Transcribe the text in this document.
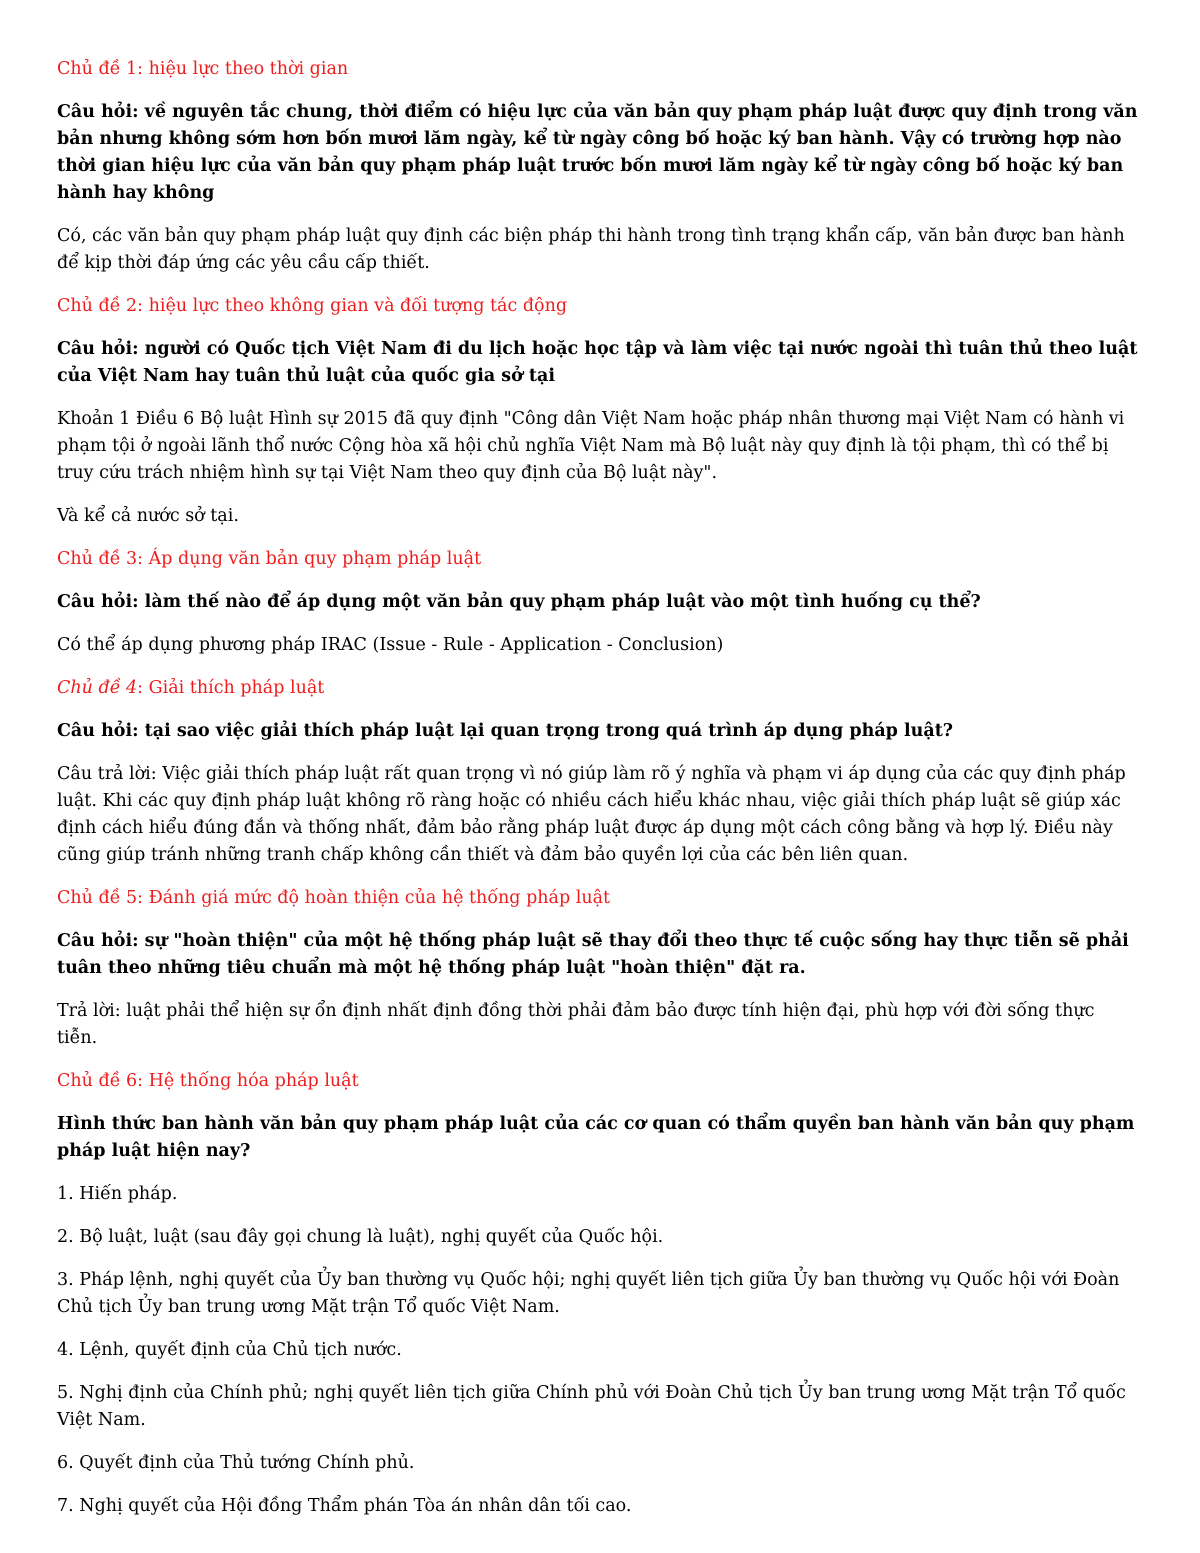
Chủ đề 1: hiệu lực theo thời gian

Câu hỏi: về nguyên tắc chung, thời điểm có hiệu lực của văn bản quy phạm pháp luật được quy định trong văn bản nhưng không sớm hơn bốn mươi lăm ngày, kể từ ngày công bố hoặc ký ban hành. Vậy có trường hợp nào thời gian hiệu lực của văn bản quy phạm pháp luật trước bốn mươi lăm ngày kể từ ngày công bố hoặc ký ban hành hay không

Có, các văn bản quy phạm pháp luật quy định các biện pháp thi hành trong tình trạng khẩn cấp, văn bản được ban hành để kịp thời đáp ứng các yêu cầu cấp thiết.

Chủ đề 2: hiệu lực theo không gian và đối tượng tác động

Câu hỏi: người có Quốc tịch Việt Nam đi du lịch hoặc học tập và làm việc tại nước ngoài thì tuân thủ theo luật của Việt Nam hay tuân thủ luật của quốc gia sở tại

Khoản 1 Điều 6 Bộ luật Hình sự 2015 đã quy định "Công dân Việt Nam hoặc pháp nhân thương mại Việt Nam có hành vi phạm tội ở ngoài lãnh thổ nước Cộng hòa xã hội chủ nghĩa Việt Nam mà Bộ luật này quy định là tội phạm, thì có thể bị truy cứu trách nhiệm hình sự tại Việt Nam theo quy định của Bộ luật này".

Và kể cả nước sở tại.

Chủ đề 3: Áp dụng văn bản quy phạm pháp luật

Câu hỏi: làm thế nào để áp dụng một văn bản quy phạm pháp luật vào một tình huống cụ thể?

Có thể áp dụng phương pháp IRAC (Issue - Rule - Application - Conclusion)

Chủ đề 4: Giải thích pháp luật

Câu hỏi: tại sao việc giải thích pháp luật lại quan trọng trong quá trình áp dụng pháp luật?

Câu trả lời: Việc giải thích pháp luật rất quan trọng vì nó giúp làm rõ ý nghĩa và phạm vi áp dụng của các quy định pháp luật. Khi các quy định pháp luật không rõ ràng hoặc có nhiều cách hiểu khác nhau, việc giải thích pháp luật sẽ giúp xác định cách hiểu đúng đắn và thống nhất, đảm bảo rằng pháp luật được áp dụng một cách công bằng và hợp lý. Điều này cũng giúp tránh những tranh chấp không cần thiết và đảm bảo quyền lợi của các bên liên quan.

Chủ đề 5: Đánh giá mức độ hoàn thiện của hệ thống pháp luật

Câu hỏi: sự "hoàn thiện" của một hệ thống pháp luật sẽ thay đổi theo thực tế cuộc sống hay thực tiễn sẽ phải tuân theo những tiêu chuẩn mà một hệ thống pháp luật "hoàn thiện" đặt ra.

Trả lời: luật phải thể hiện sự ổn định nhất định đồng thời phải đảm bảo được tính hiện đại, phù hợp với đời sống thực tiễn.

Chủ đề 6: Hệ thống hóa pháp luật

Hình thức ban hành văn bản quy phạm pháp luật của các cơ quan có thẩm quyền ban hành văn bản quy phạm pháp luật hiện nay?

1. Hiến pháp.

2. Bộ luật, luật (sau đây gọi chung là luật), nghị quyết của Quốc hội.

3. Pháp lệnh, nghị quyết của Ủy ban thường vụ Quốc hội; nghị quyết liên tịch giữa Ủy ban thường vụ Quốc hội với Đoàn Chủ tịch Ủy ban trung ương Mặt trận Tổ quốc Việt Nam.

4. Lệnh, quyết định của Chủ tịch nước.

5. Nghị định của Chính phủ; nghị quyết liên tịch giữa Chính phủ với Đoàn Chủ tịch Ủy ban trung ương Mặt trận Tổ quốc Việt Nam.

6. Quyết định của Thủ tướng Chính phủ.

7. Nghị quyết của Hội đồng Thẩm phán Tòa án nhân dân tối cao.
